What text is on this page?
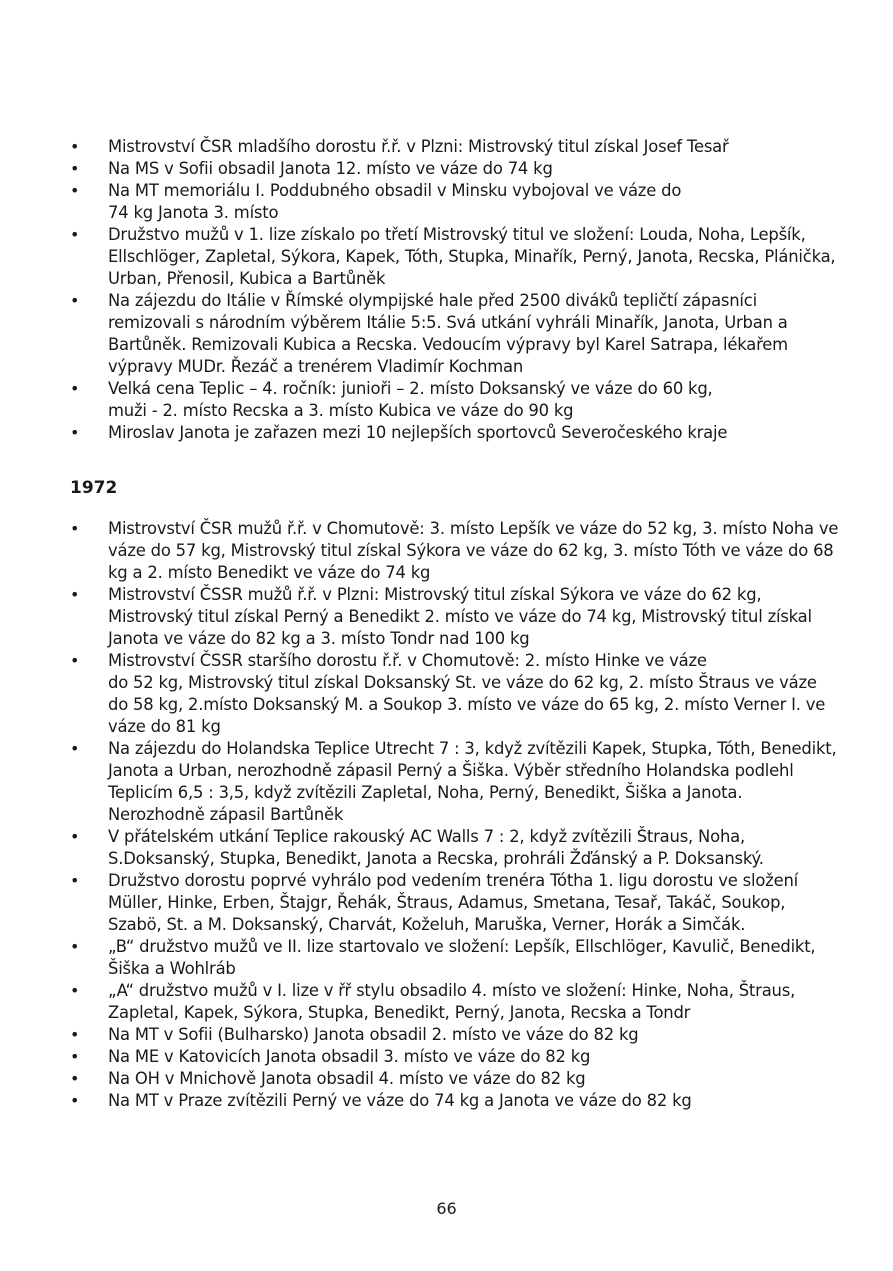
• Mistrovství ČSR mladšího dorostu ř.ř. v Plzni: Mistrovský titul získal Josef Tesař
• Na MS v Sofii obsadil Janota 12. místo ve váze do 74 kg
• Na MT memoriálu I. Poddubného obsadil v Minsku vybojoval ve váze do
74 kg Janota 3. místo
• Družstvo mužů v 1. lize získalo po třetí Mistrovský titul ve složení: Louda, Noha, Lepšík, Ellschlöger, Zapletal, Sýkora, Kapek, Tóth, Stupka, Minařík, Perný, Janota, Recska, Plánička, Urban, Přenosil, Kubica a Bartůněk
• Na zájezdu do Itálie v Římské olympijské hale před 2500 diváků tepličtí zápasníci remizovali s národním výběrem Itálie 5:5. Svá utkání vyhráli Minařík, Janota, Urban a Bartůněk. Remizovali Kubica a Recska. Vedoucím výpravy byl Karel Satrapa, lékařem výpravy MUDr. Řezáč a trenérem Vladimír Kochman
• Velká cena Teplic – 4. ročník: junioři – 2. místo Doksanský ve váze do 60 kg,
muži - 2. místo Recska a 3. místo Kubica ve váze do 90 kg
• Miroslav Janota je zařazen mezi 10 nejlepších sportovců Severočeského kraje
1972
• Mistrovství ČSR mužů ř.ř. v Chomutově: 3. místo Lepšík ve váze do 52 kg, 3. místo Noha ve váze do 57 kg, Mistrovský titul získal Sýkora ve váze do 62 kg, 3. místo Tóth ve váze do 68 kg a 2. místo Benedikt ve váze do 74 kg
• Mistrovství ČSSR mužů ř.ř. v Plzni: Mistrovský titul získal Sýkora ve váze do 62 kg, Mistrovský titul získal Perný a Benedikt 2. místo ve váze do 74 kg, Mistrovský titul získal Janota ve váze do 82 kg a 3. místo Tondr nad 100 kg
• Mistrovství ČSSR staršího dorostu ř.ř. v Chomutově: 2. místo Hinke ve váze
do 52 kg, Mistrovský titul získal Doksanský St. ve váze do 62 kg, 2. místo Štraus ve váze do 58 kg, 2.místo Doksanský M. a Soukop 3. místo ve váze do 65 kg, 2. místo Verner I. ve váze do 81 kg
• Na zájezdu do Holandska Teplice Utrecht 7 : 3, když zvítězili Kapek, Stupka, Tóth, Benedikt, Janota a Urban, nerozhodně zápasil Perný a Šiška. Výběr středního Holandska podlehl Teplicím 6,5 : 3,5, když zvítězili Zapletal, Noha, Perný, Benedikt, Šiška a Janota. Nerozhodně zápasil Bartůněk
• V přátelském utkání Teplice rakouský AC Walls 7 : 2, když zvítězili Štraus, Noha, S.Doksanský, Stupka, Benedikt, Janota a Recska, prohráli Žďánský a P. Doksanský.
• Družstvo dorostu poprvé vyhrálo pod vedením trenéra Tótha 1. ligu dorostu ve složení Müller, Hinke, Erben, Štajgr, Řehák, Štraus, Adamus, Smetana, Tesař, Takáč, Soukop, Szabö, St. a M. Doksanský, Charvát, Koželuh, Maruška, Verner, Horák a Simčák.
• „B“ družstvo mužů ve II. lize startovalo ve složení: Lepšík, Ellschlöger, Kavulič, Benedikt, Šiška a Wohlráb
• „A“ družstvo mužů v I. lize v řř stylu obsadilo 4. místo ve složení: Hinke, Noha, Štraus, Zapletal, Kapek, Sýkora, Stupka, Benedikt, Perný, Janota, Recska a Tondr
• Na MT v Sofii (Bulharsko) Janota obsadil 2. místo ve váze do 82 kg
• Na ME v Katovicích Janota obsadil 3. místo ve váze do 82 kg
• Na OH v Mnichově Janota obsadil 4. místo ve váze do 82 kg
• Na MT v Praze zvítězili Perný ve váze do 74 kg a Janota ve váze do 82 kg
66
